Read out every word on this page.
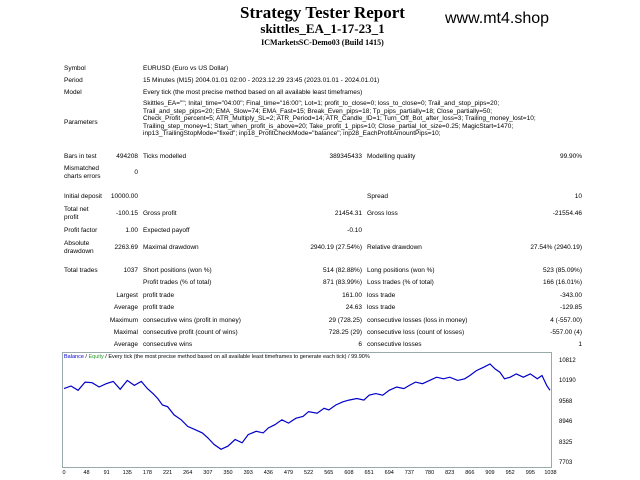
Strategy Tester Report
skittles_EA_1-17-23_1
ICMarketsSC-Demo03 (Build 1415)
www.mt4.shop
Symbol	EURUSD (Euro vs US Dollar)
Period	15 Minutes (M15) 2004.01.01 02:00 - 2023.12.29 23:45 (2023.01.01 - 2024.01.01)
Model	Every tick (the most precise method based on all available least timeframes)
Parameters
Skittles_EA=""; Inital_time="04:00"; Final_time="16:00"; Lot=1; profit_to_close=0; loss_to_close=0; Trail_and_stop_pips=20; Trail_and_step_pips=20; EMA_Slow=74; EMA_Fast=15; Break_Even_pips=18; Tp_pips_partially=18; Close_partially=50; Check_Profit_percent=5; ATR_Multiply_SL=2; ATR_Period=14; ATR_Candle_ID=1; Turn_Off_Bot_after_loss=3; Trailing_money_lost=10; Trailing_step_money=1; Start_when_profit_is_above=20; Take_profit_1_pips=10; Close_partial_lot_size=0.25; MagicStart=1470; inp13_TrailingStopMode="fixed"; inp18_ProfitCheckMode="balance"; inp28_EachProfitAmountPips=10;
Bars in test	494208 Ticks modelled	389345433 Modelling quality	99.90%
Mismatched
charts errors
0
Initial deposit	10000.00	Spread	10
Total net
profit
-100.15 Gross profit	21454.31 Gross loss	-21554.46
Profit factor	1.00 Expected payoff	-0.10
Absolute
drawdown
2263.69 Maximal drawdown	2940.19 (27.54%) Relative drawdown	27.54% (2940.19)
Total trades	1037 Short positions (won %)	514 (82.88%) Long positions (won %)	523 (85.09%)
Profit trades (% of total)	871 (83.99%) Loss trades (% of total)	166 (16.01%)
Largest profit trade	161.00 loss trade	-343.00
Average profit trade	24.63 loss trade	-129.85
Maximum consecutive wins (profit in money)	29 (728.25) consecutive losses (loss in money)	4 (-557.00)
Maximal consecutive profit (count of wins)	728.25 (29) consecutive loss (count of losses)	-557.00 (4)
Average consecutive wins	6 consecutive losses	1
Balance / Equity / Every tick (the most precise method based on all available least timeframes to generate each tick) / 99.90%
10812
10190
9568
8946
8325
7703
0	48	91 135 178 221 264 307 350 393 436 479 522 565 608 651 694 737 780 823 866 909 952 995 1038
